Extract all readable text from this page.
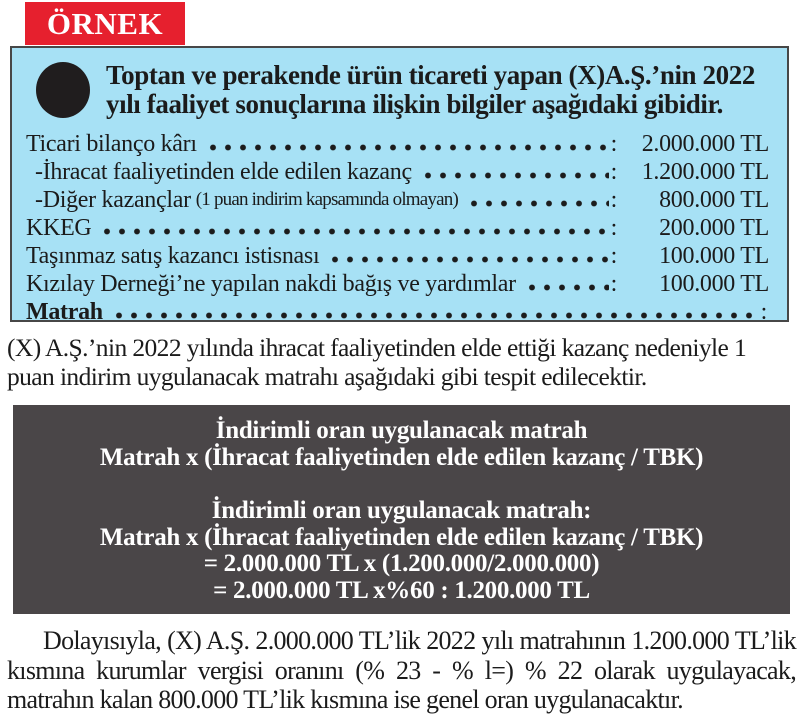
ÖRNEK
Toptan ve perakende ürün ticareti yapan (X)A.Ş.’nin 2022 yılı faaliyet sonuçlarına ilişkin bilgiler aşağıdaki gibidir.
Ticari bilanço kârı	:	2.000.000 TL
-İhracat faaliyetinden elde edilen kazanç	:	1.200.000 TL
-Diğer kazançlar (1 puan indirim kapsamında olmayan)	:	800.000 TL
KKEG	:	200.000 TL
Taşınmaz satış kazancı istisnası	:	100.000 TL
Kızılay Derneği’ne yapılan nakdi bağış ve yardımlar	:	100.000 TL
Matrah	:
(X) A.Ş.’nin 2022 yılında ihracat faaliyetinden elde ettiği kazanç nedeniyle 1 puan indirim uygulanacak matrahı aşağıdaki gibi tespit edilecektir.
İndirimli oran uygulanacak matrah
Matrah x (İhracat faaliyetinden elde edilen kazanç / TBK)
İndirimli oran uygulanacak matrah:
Matrah x (İhracat faaliyetinden elde edilen kazanç / TBK)
= 2.000.000 TL x (1.200.000/2.000.000)
= 2.000.000 TL x%60 : 1.200.000 TL
Dolayısıyla, (X) A.Ş. 2.000.000 TL’lik 2022 yılı matrahının 1.200.000 TL’lik kısmına kurumlar vergisi oranını (% 23 - % l=) % 22 olarak uygulayacak, matrahın kalan 800.000 TL’lik kısmına ise genel oran uygulanacaktır.
